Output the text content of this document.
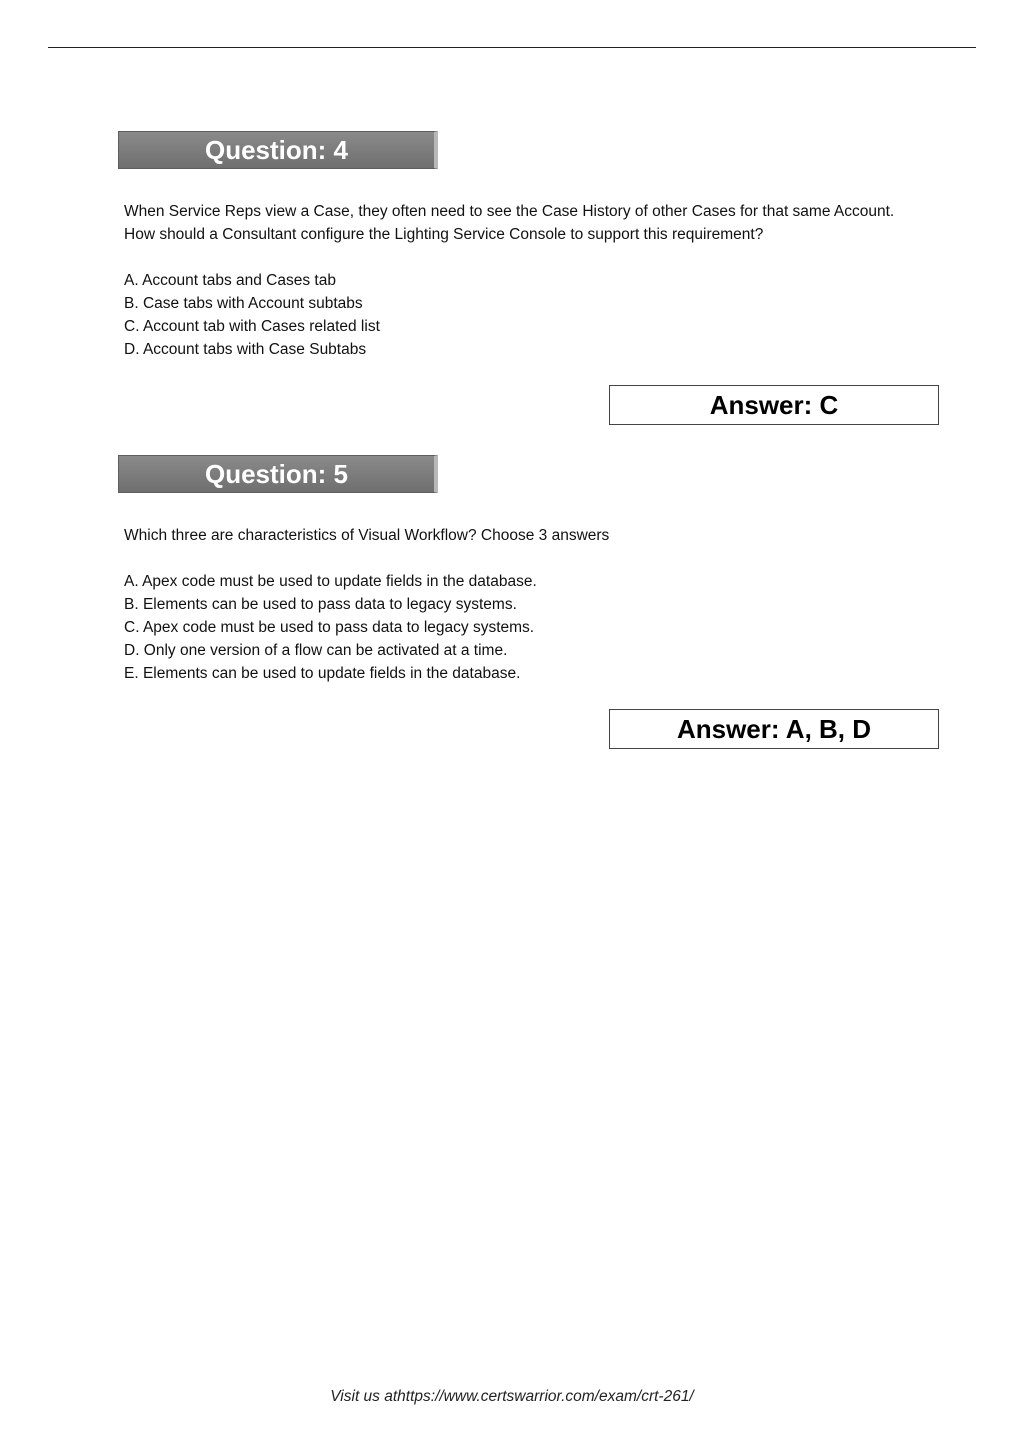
Question: 4

When Service Reps view a Case, they often need to see the Case History of other Cases for that same Account. How should a Consultant configure the Lighting Service Console to support this requirement?

A. Account tabs and Cases tab
B. Case tabs with Account subtabs
C. Account tab with Cases related list
D. Account tabs with Case Subtabs
Answer: C
Question: 5

Which three are characteristics of Visual Workflow? Choose 3 answers

A. Apex code must be used to update fields in the database.
B. Elements can be used to pass data to legacy systems.
C. Apex code must be used to pass data to legacy systems.
D. Only one version of a flow can be activated at a time.
E. Elements can be used to update fields in the database.
Answer: A, B, D
Visit us athttps://www.certswarrior.com/exam/crt-261/
